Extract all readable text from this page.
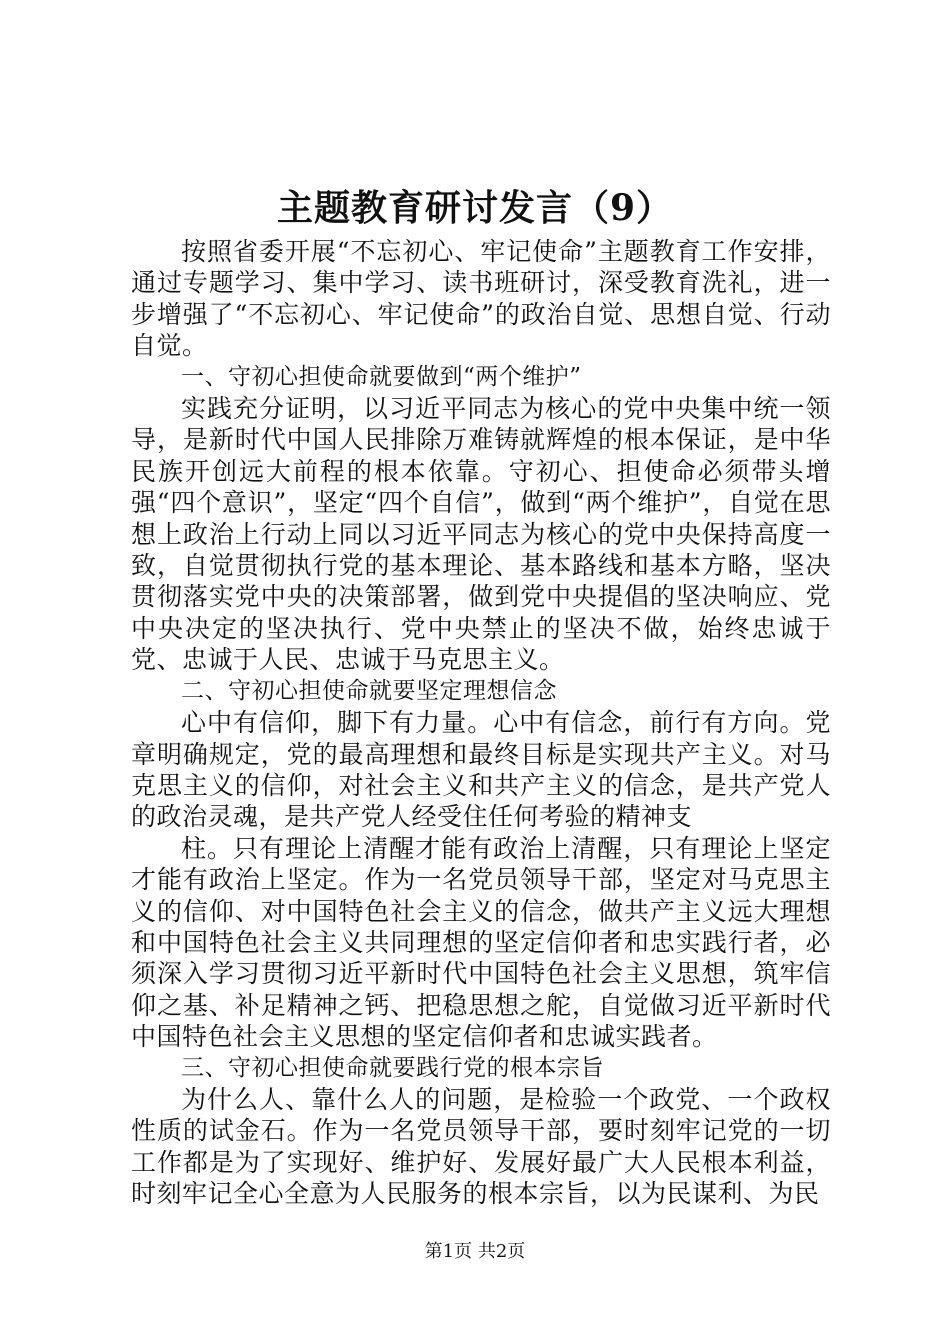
主题教育研讨发言（9）

按照省委开展“不忘初心、牢记使命”主题教育工作安排，通过专题学习、集中学习、读书班研讨，深受教育洗礼，进一步增强了“不忘初心、牢记使命”的政治自觉、思想自觉、行动自觉。

一、守初心担使命就要做到“两个维护”

实践充分证明，以习近平同志为核心的党中央集中统一领导，是新时代中国人民排除万难铸就辉煌的根本保证，是中华民族开创远大前程的根本依靠。守初心、担使命必须带头增强“四个意识”，坚定“四个自信”，做到“两个维护”，自觉在思想上政治上行动上同以习近平同志为核心的党中央保持高度一致，自觉贯彻执行党的基本理论、基本路线和基本方略，坚决贯彻落实党中央的决策部署，做到党中央提倡的坚决响应、党中央决定的坚决执行、党中央禁止的坚决不做，始终忠诚于党、忠诚于人民、忠诚于马克思主义。

二、守初心担使命就要坚定理想信念

心中有信仰，脚下有力量。心中有信念，前行有方向。党章明确规定，党的最高理想和最终目标是实现共产主义。对马克思主义的信仰，对社会主义和共产主义的信念，是共产党人的政治灵魂，是共产党人经受住任何考验的精神支

柱。只有理论上清醒才能有政治上清醒，只有理论上坚定才能有政治上坚定。作为一名党员领导干部，坚定对马克思主义的信仰、对中国特色社会主义的信念，做共产主义远大理想和中国特色社会主义共同理想的坚定信仰者和忠实践行者，必须深入学习贯彻习近平新时代中国特色社会主义思想，筑牢信仰之基、补足精神之钙、把稳思想之舵，自觉做习近平新时代中国特色社会主义思想的坚定信仰者和忠诚实践者。

三、守初心担使命就要践行党的根本宗旨

为什么人、靠什么人的问题，是检验一个政党、一个政权性质的试金石。作为一名党员领导干部，要时刻牢记党的一切工作都是为了实现好、维护好、发展好最广大人民根本利益，时刻牢记全心全意为人民服务的根本宗旨，以为民谋利、为民

第1页 共2页
